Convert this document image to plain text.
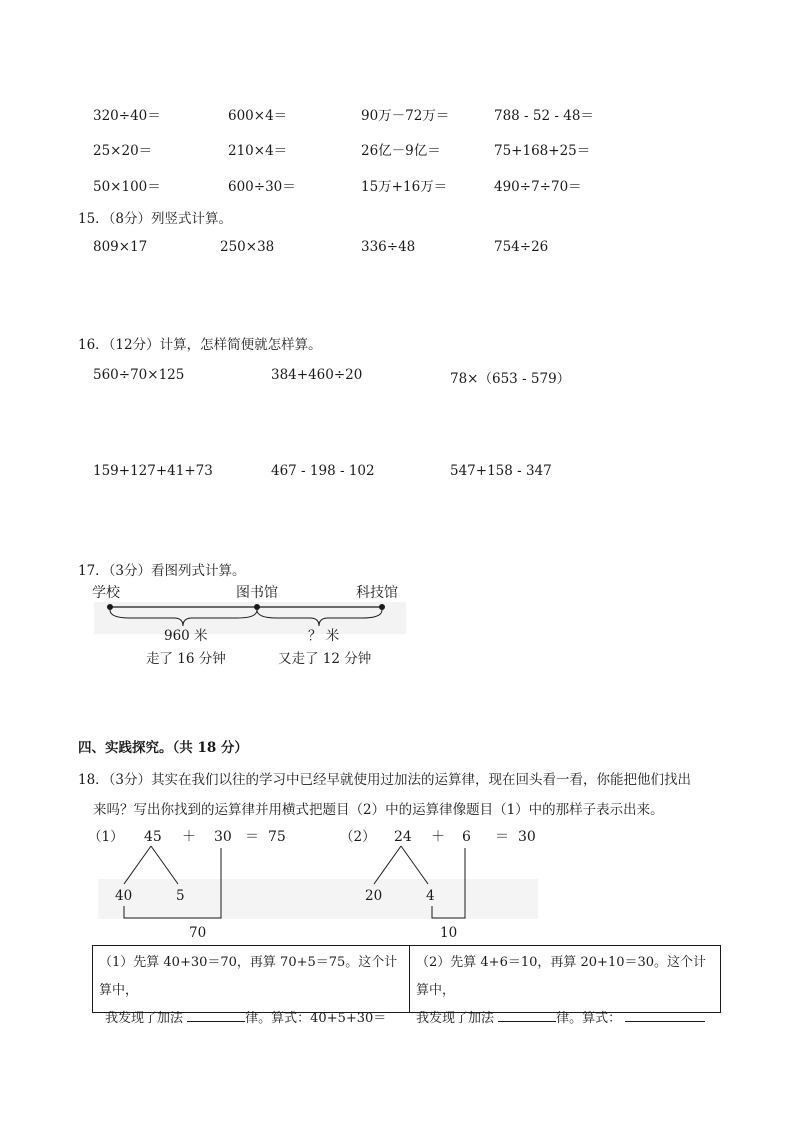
320÷40＝	600×4＝	90万－72万＝	788 - 52 - 48＝
25×20＝	210×4＝	26亿－9亿＝	75+168+25＝
50×100＝	600÷30＝	15万+16万＝	490÷7÷70＝
15．（8分）列竖式计算。
809×17	250×38	336÷48	754÷26
16．（12分）计算，怎样简便就怎样算。
560÷70×125	384+460÷20	78×（653 - 579）
159+127+41+73	467 - 198 - 102	547+158 - 347
17．（3分）看图列式计算。
学校	图书馆	科技馆
960 米
走了 16 分钟
？ 米
又走了 12 分钟
四、实践探究。（共 18 分）
18．（3分）其实在我们以往的学习中已经早就使用过加法的运算律，现在回头看一看，你能把他们找出
来吗？写出你找到的运算律并用横式把题目（2）中的运算律像题目（1）中的那样子表示出来。
（1） 45 ＋ 30 ＝ 75
40	5
70
（2） 24 ＋ 6 ＝ 30
20	4
10
（1）先算 40+30＝70，再算 70+5＝75。这个计算中，
我发现了加法	律。算式：40+5+30＝
（2）先算 4+6＝10，再算 20+10＝30。这个计算中，
我发现了加法	律。算式：
